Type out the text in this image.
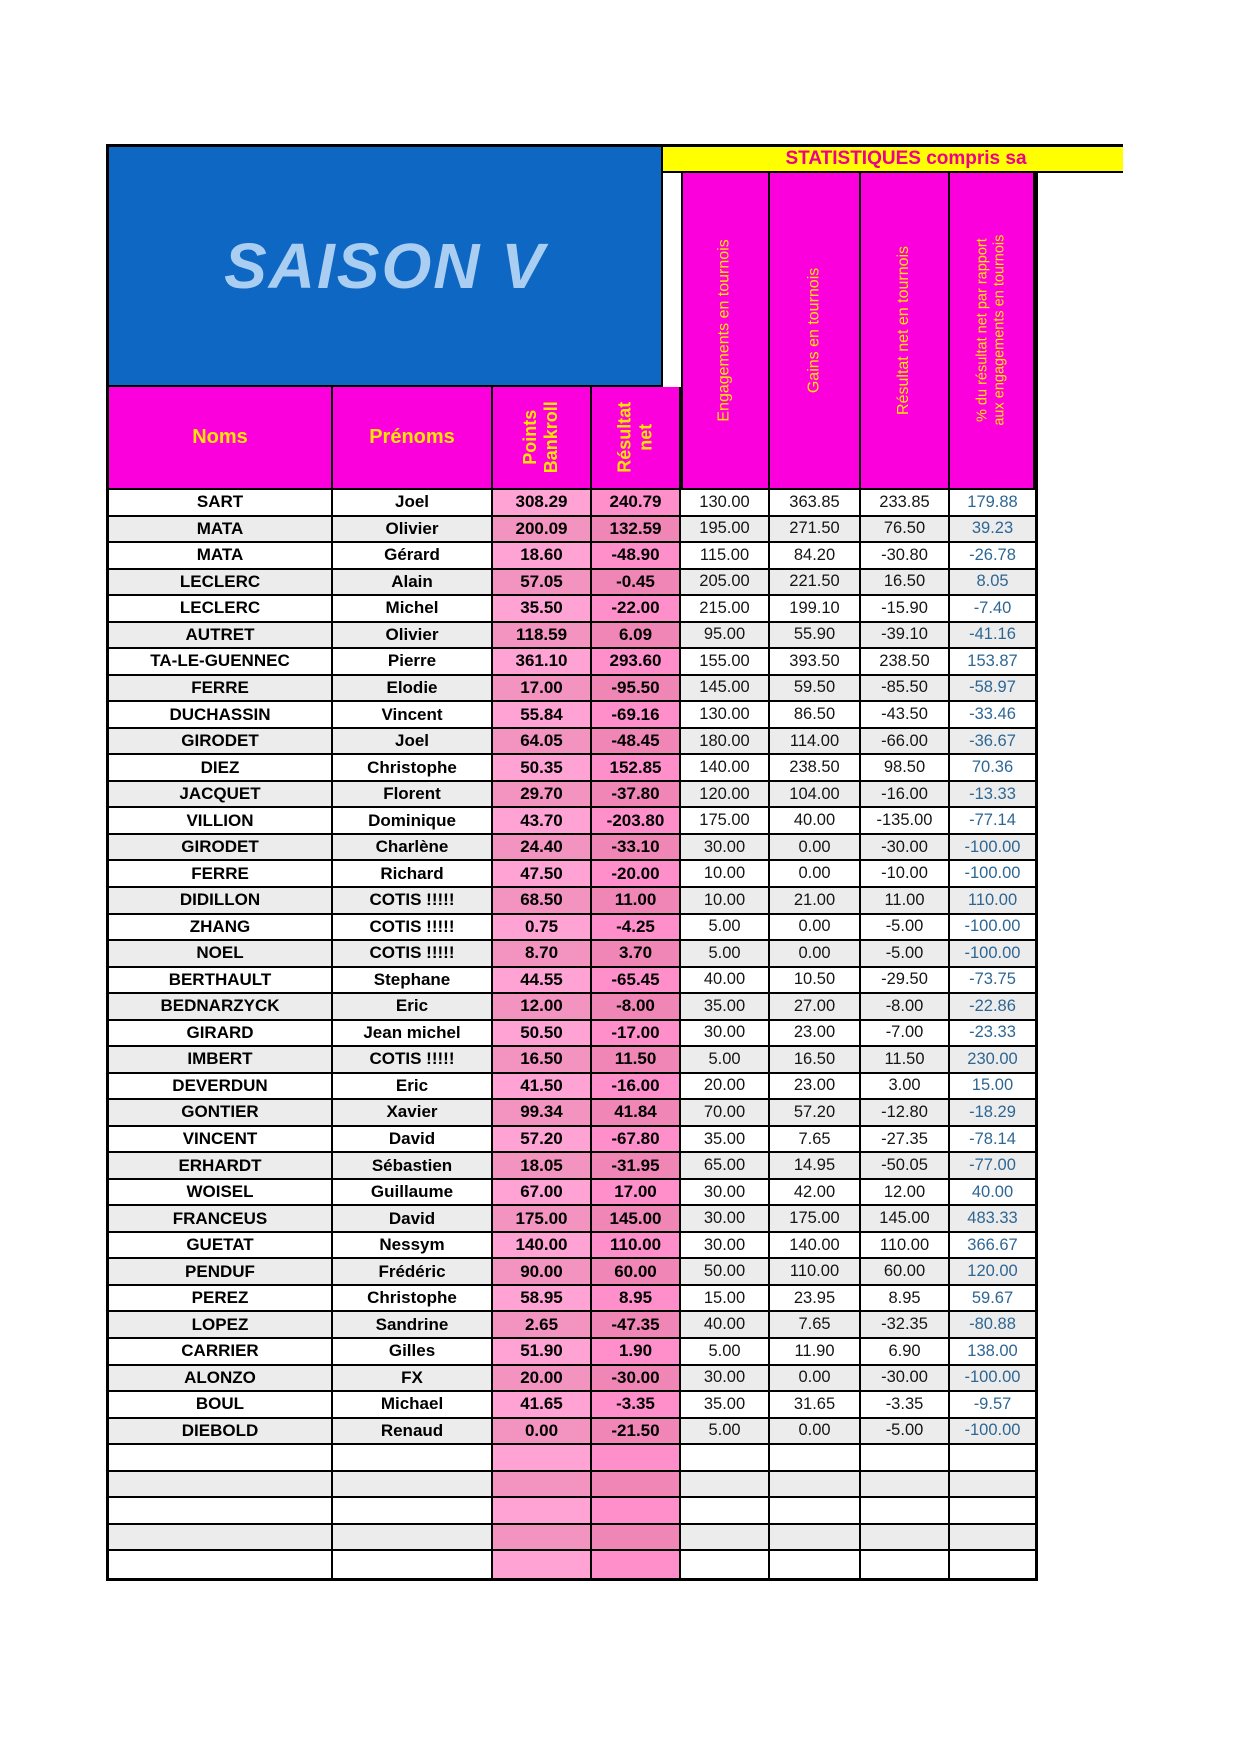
STATISTIQUES compris sa
SAISON V
Noms	Prénoms	Points Bankroll	Résultat net
Engagements en tournois	Gains en tournois	Résultat net en tournois	% du résultat net par rapport aux engagements en tournois
SART	Joel	308.29	240.79	130.00	363.85	233.85	179.88
MATA	Olivier	200.09	132.59	195.00	271.50	76.50	39.23
MATA	Gérard	18.60	-48.90	115.00	84.20	-30.80	-26.78
LECLERC	Alain	57.05	-0.45	205.00	221.50	16.50	8.05
LECLERC	Michel	35.50	-22.00	215.00	199.10	-15.90	-7.40
AUTRET	Olivier	118.59	6.09	95.00	55.90	-39.10	-41.16
TA-LE-GUENNEC	Pierre	361.10	293.60	155.00	393.50	238.50	153.87
FERRE	Elodie	17.00	-95.50	145.00	59.50	-85.50	-58.97
DUCHASSIN	Vincent	55.84	-69.16	130.00	86.50	-43.50	-33.46
GIRODET	Joel	64.05	-48.45	180.00	114.00	-66.00	-36.67
DIEZ	Christophe	50.35	152.85	140.00	238.50	98.50	70.36
JACQUET	Florent	29.70	-37.80	120.00	104.00	-16.00	-13.33
VILLION	Dominique	43.70	-203.80	175.00	40.00	-135.00	-77.14
GIRODET	Charlène	24.40	-33.10	30.00	0.00	-30.00	-100.00
FERRE	Richard	47.50	-20.00	10.00	0.00	-10.00	-100.00
DIDILLON	COTIS !!!!!	68.50	11.00	10.00	21.00	11.00	110.00
ZHANG	COTIS !!!!!	0.75	-4.25	5.00	0.00	-5.00	-100.00
NOEL	COTIS !!!!!	8.70	3.70	5.00	0.00	-5.00	-100.00
BERTHAULT	Stephane	44.55	-65.45	40.00	10.50	-29.50	-73.75
BEDNARZYCK	Eric	12.00	-8.00	35.00	27.00	-8.00	-22.86
GIRARD	Jean michel	50.50	-17.00	30.00	23.00	-7.00	-23.33
IMBERT	COTIS !!!!!	16.50	11.50	5.00	16.50	11.50	230.00
DEVERDUN	Eric	41.50	-16.00	20.00	23.00	3.00	15.00
GONTIER	Xavier	99.34	41.84	70.00	57.20	-12.80	-18.29
VINCENT	David	57.20	-67.80	35.00	7.65	-27.35	-78.14
ERHARDT	Sébastien	18.05	-31.95	65.00	14.95	-50.05	-77.00
WOISEL	Guillaume	67.00	17.00	30.00	42.00	12.00	40.00
FRANCEUS	David	175.00	145.00	30.00	175.00	145.00	483.33
GUETAT	Nessym	140.00	110.00	30.00	140.00	110.00	366.67
PENDUF	Frédéric	90.00	60.00	50.00	110.00	60.00	120.00
PEREZ	Christophe	58.95	8.95	15.00	23.95	8.95	59.67
LOPEZ	Sandrine	2.65	-47.35	40.00	7.65	-32.35	-80.88
CARRIER	Gilles	51.90	1.90	5.00	11.90	6.90	138.00
ALONZO	FX	20.00	-30.00	30.00	0.00	-30.00	-100.00
BOUL	Michael	41.65	-3.35	35.00	31.65	-3.35	-9.57
DIEBOLD	Renaud	0.00	-21.50	5.00	0.00	-5.00	-100.00
